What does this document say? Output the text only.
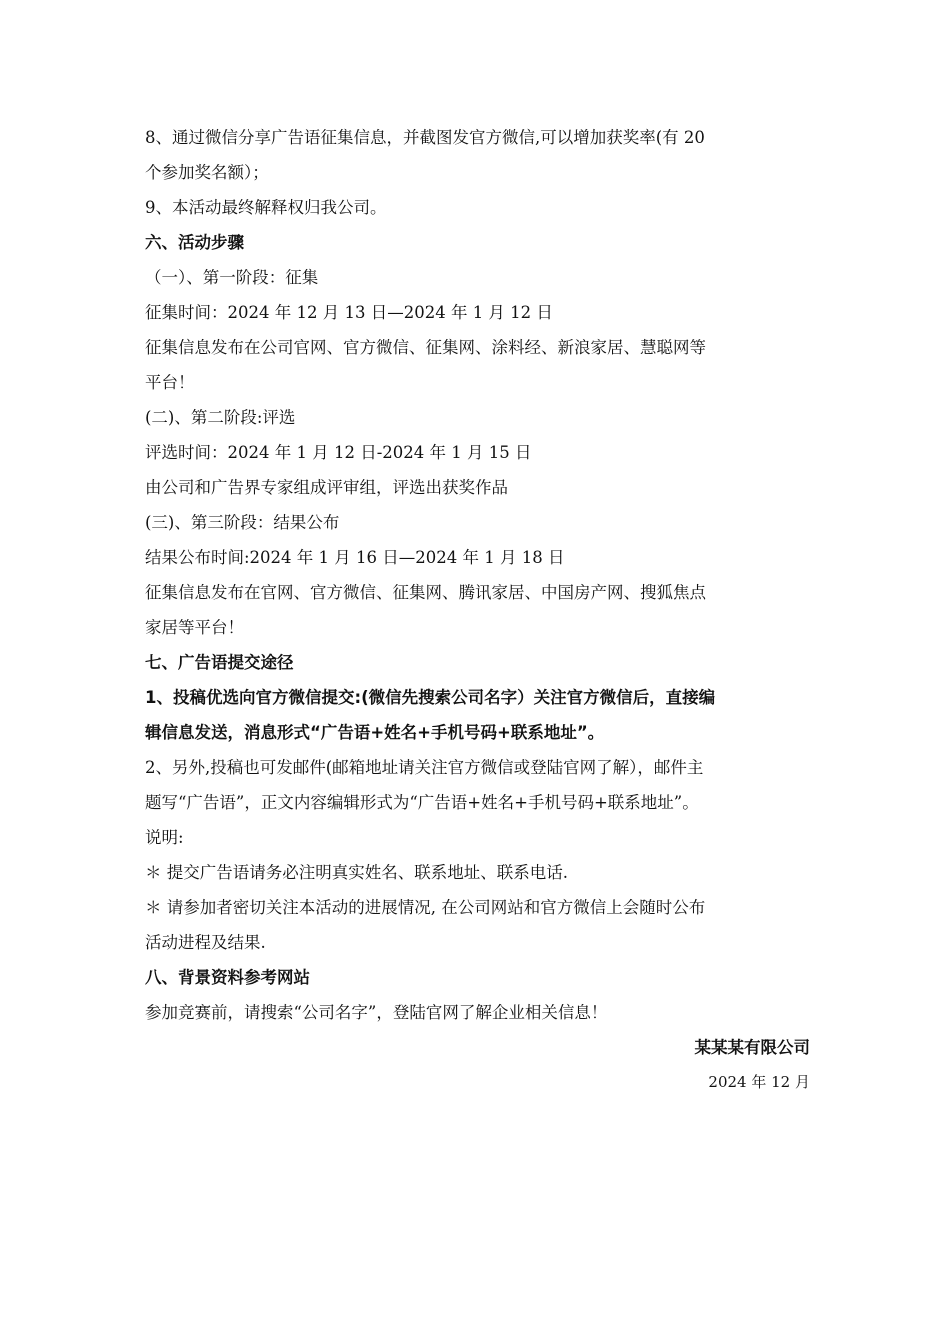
8、通过微信分享广告语征集信息，并截图发官方微信,可以增加获奖率(有 20

个参加奖名额）；

9、本活动最终解释权归我公司。

六、活动步骤

（一）、第一阶段：征集

征集时间：2024 年 12 月 13 日—2024 年 1 月 12 日

征集信息发布在公司官网、官方微信、征集网、涂料经、新浪家居、慧聪网等

平台！

(二)、第二阶段:评选

评选时间：2024 年 1 月 12 日-2024 年 1 月 15 日

由公司和广告界专家组成评审组，评选出获奖作品

(三)、第三阶段：结果公布

结果公布时间:2024 年 1 月 16 日—2024 年 1 月 18 日

征集信息发布在官网、官方微信、征集网、腾讯家居、中国房产网、搜狐焦点

家居等平台！

七、广告语提交途径

1、投稿优选向官方微信提交:(微信先搜索公司名字）关注官方微信后，直接编

辑信息发送，消息形式“广告语+姓名+手机号码+联系地址”。

2、另外,投稿也可发邮件(邮箱地址请关注官方微信或登陆官网了解），邮件主

题写“广告语”，正文内容编辑形式为“广告语+姓名+手机号码+联系地址”。

说明:

＊ 提交广告语请务必注明真实姓名、联系地址、联系电话.

＊ 请参加者密切关注本活动的进展情况, 在公司网站和官方微信上会随时公布

活动进程及结果.

八、背景资料参考网站

参加竞赛前，请搜索“公司名字”，登陆官网了解企业相关信息！

某某某有限公司

2024 年 12 月
